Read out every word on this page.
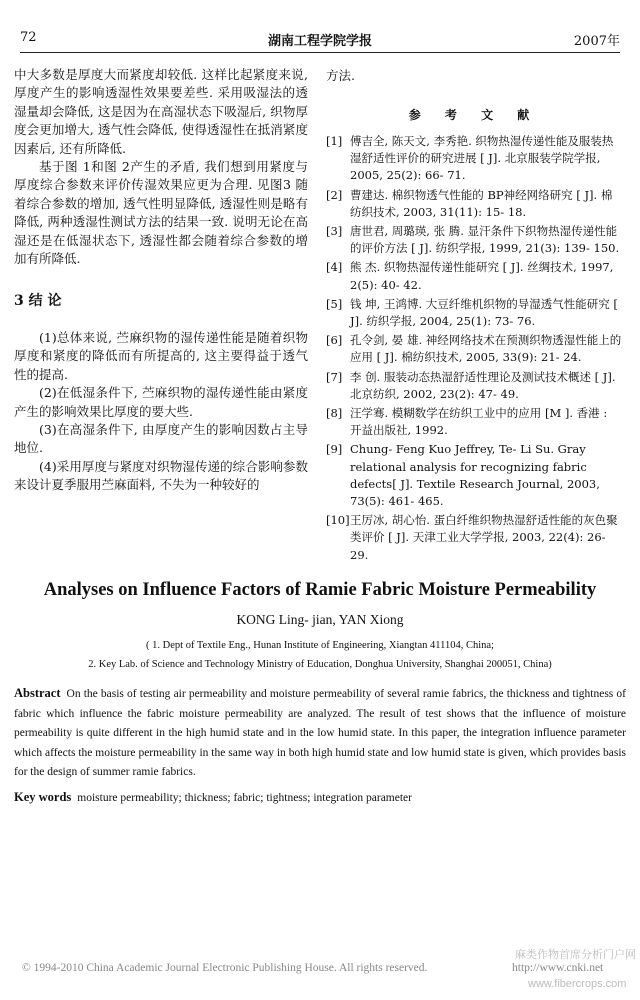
72	湖南工程学院学报	2007年

中大多数是厚度大而紧度却较低. 这样比起紧度来说, 厚度产生的影响透湿性效果要差些. 采用吸湿法的透湿量却会降低, 这是因为在高湿状态下吸湿后, 织物厚度会更加增大, 透气性会降低, 使得透湿性在抵消紧度因素后, 还有所降低.

基于图 1和图 2产生的矛盾, 我们想到用紧度与厚度综合参数来评价传湿效果应更为合理. 见图3 随着综合参数的增加, 透气性明显降低, 透湿性则是略有降低, 两种透湿性测试方法的结果一致. 说明无论在高湿还是在低湿状态下, 透湿性都会随着综合参数的增加有所降低.

3 结 论

(1)总体来说, 苎麻织物的湿传递性能是随着织物厚度和紧度的降低而有所提高的, 这主要得益于透气性的提高.

(2)在低湿条件下, 苎麻织物的湿传递性能由紧度产生的影响效果比厚度的要大些.

(3)在高湿条件下, 由厚度产生的影响因数占主导地位.

(4)采用厚度与紧度对织物湿传递的综合影响参数来设计夏季服用苎麻面料, 不失为一种较好的

方法.

参 考 文 献
[1] 傅吉全, 陈天文, 李秀艳. 织物热湿传递性能及服装热湿舒适性评价的研究进展 [ J]. 北京服装学院学报, 2005, 25(2): 66- 71.
[2] 曹建达. 棉织物透气性能的 BP神经网络研究 [ J]. 棉纺织技术, 2003, 31(11): 15- 18.
[3] 唐世君, 周璐瑛, 张 腾. 显汗条件下织物热湿传递性能的评价方法 [ J]. 纺织学报, 1999, 21(3): 139- 150.
[4] 熊 杰. 织物热湿传递性能研究 [ J]. 丝绸技术, 1997, 2(5): 40- 42.
[5] 钱 坤, 王鸿博. 大豆纤维机织物的导湿透气性能研究 [ J]. 纺织学报, 2004, 25(1): 73- 76.
[6] 孔令剑, 晏 雄. 神经网络技术在预测织物透湿性能上的应用 [ J]. 棉纺织技术, 2005, 33(9): 21- 24.
[7] 李 创. 服装动态热湿舒适性理论及测试技术概述 [ J]. 北京纺织, 2002, 23(2): 47- 49.
[8] 汪学骞. 模糊数学在纺织工业中的应用 [M ]. 香港 : 开益出版社, 1992.
[9] Chung- Feng Kuo Jeffrey, Te- Li Su. Gray relational analysis for recognizing fabric defects[ J]. Textile Research Journal, 2003, 73(5): 461- 465.
[10] 王厉冰, 胡心怡. 蛋白纤维织物热湿舒适性能的灰色聚类评价 [ J]. 天津工业大学学报, 2003, 22(4): 26- 29.
Analyses on Influence Factors of Ramie Fabric Moisture Permeability
KONG Ling- jian, YAN Xiong
( 1. Dept of Textile Eng., Hunan Institute of Engineering, Xiangtan 411104, China;
2. Key Lab. of Science and Technology Ministry of Education, Donghua University, Shanghai 200051, China)
Abstract On the basis of testing air permeability and moisture permeability of several ramie fabrics, the thickness and tightness of fabric which influence the fabric moisture permeability are analyzed. The result of test shows that the influence of moisture permeability is quite different in the high humid state and in the low humid state. In this paper, the integration influence parameter which affects the moisture permeability in the same way in both high humid state and low humid state is given, which provides basis for the design of summer ramie fabrics.
Key words moisture permeability; thickness; fabric; tightness; integration parameter
麻类作物首席分析门户网
© 1994-2010 China Academic Journal Electronic Publishing House. All rights reserved.	http://www.cnki.net
www.fibercrops.com
